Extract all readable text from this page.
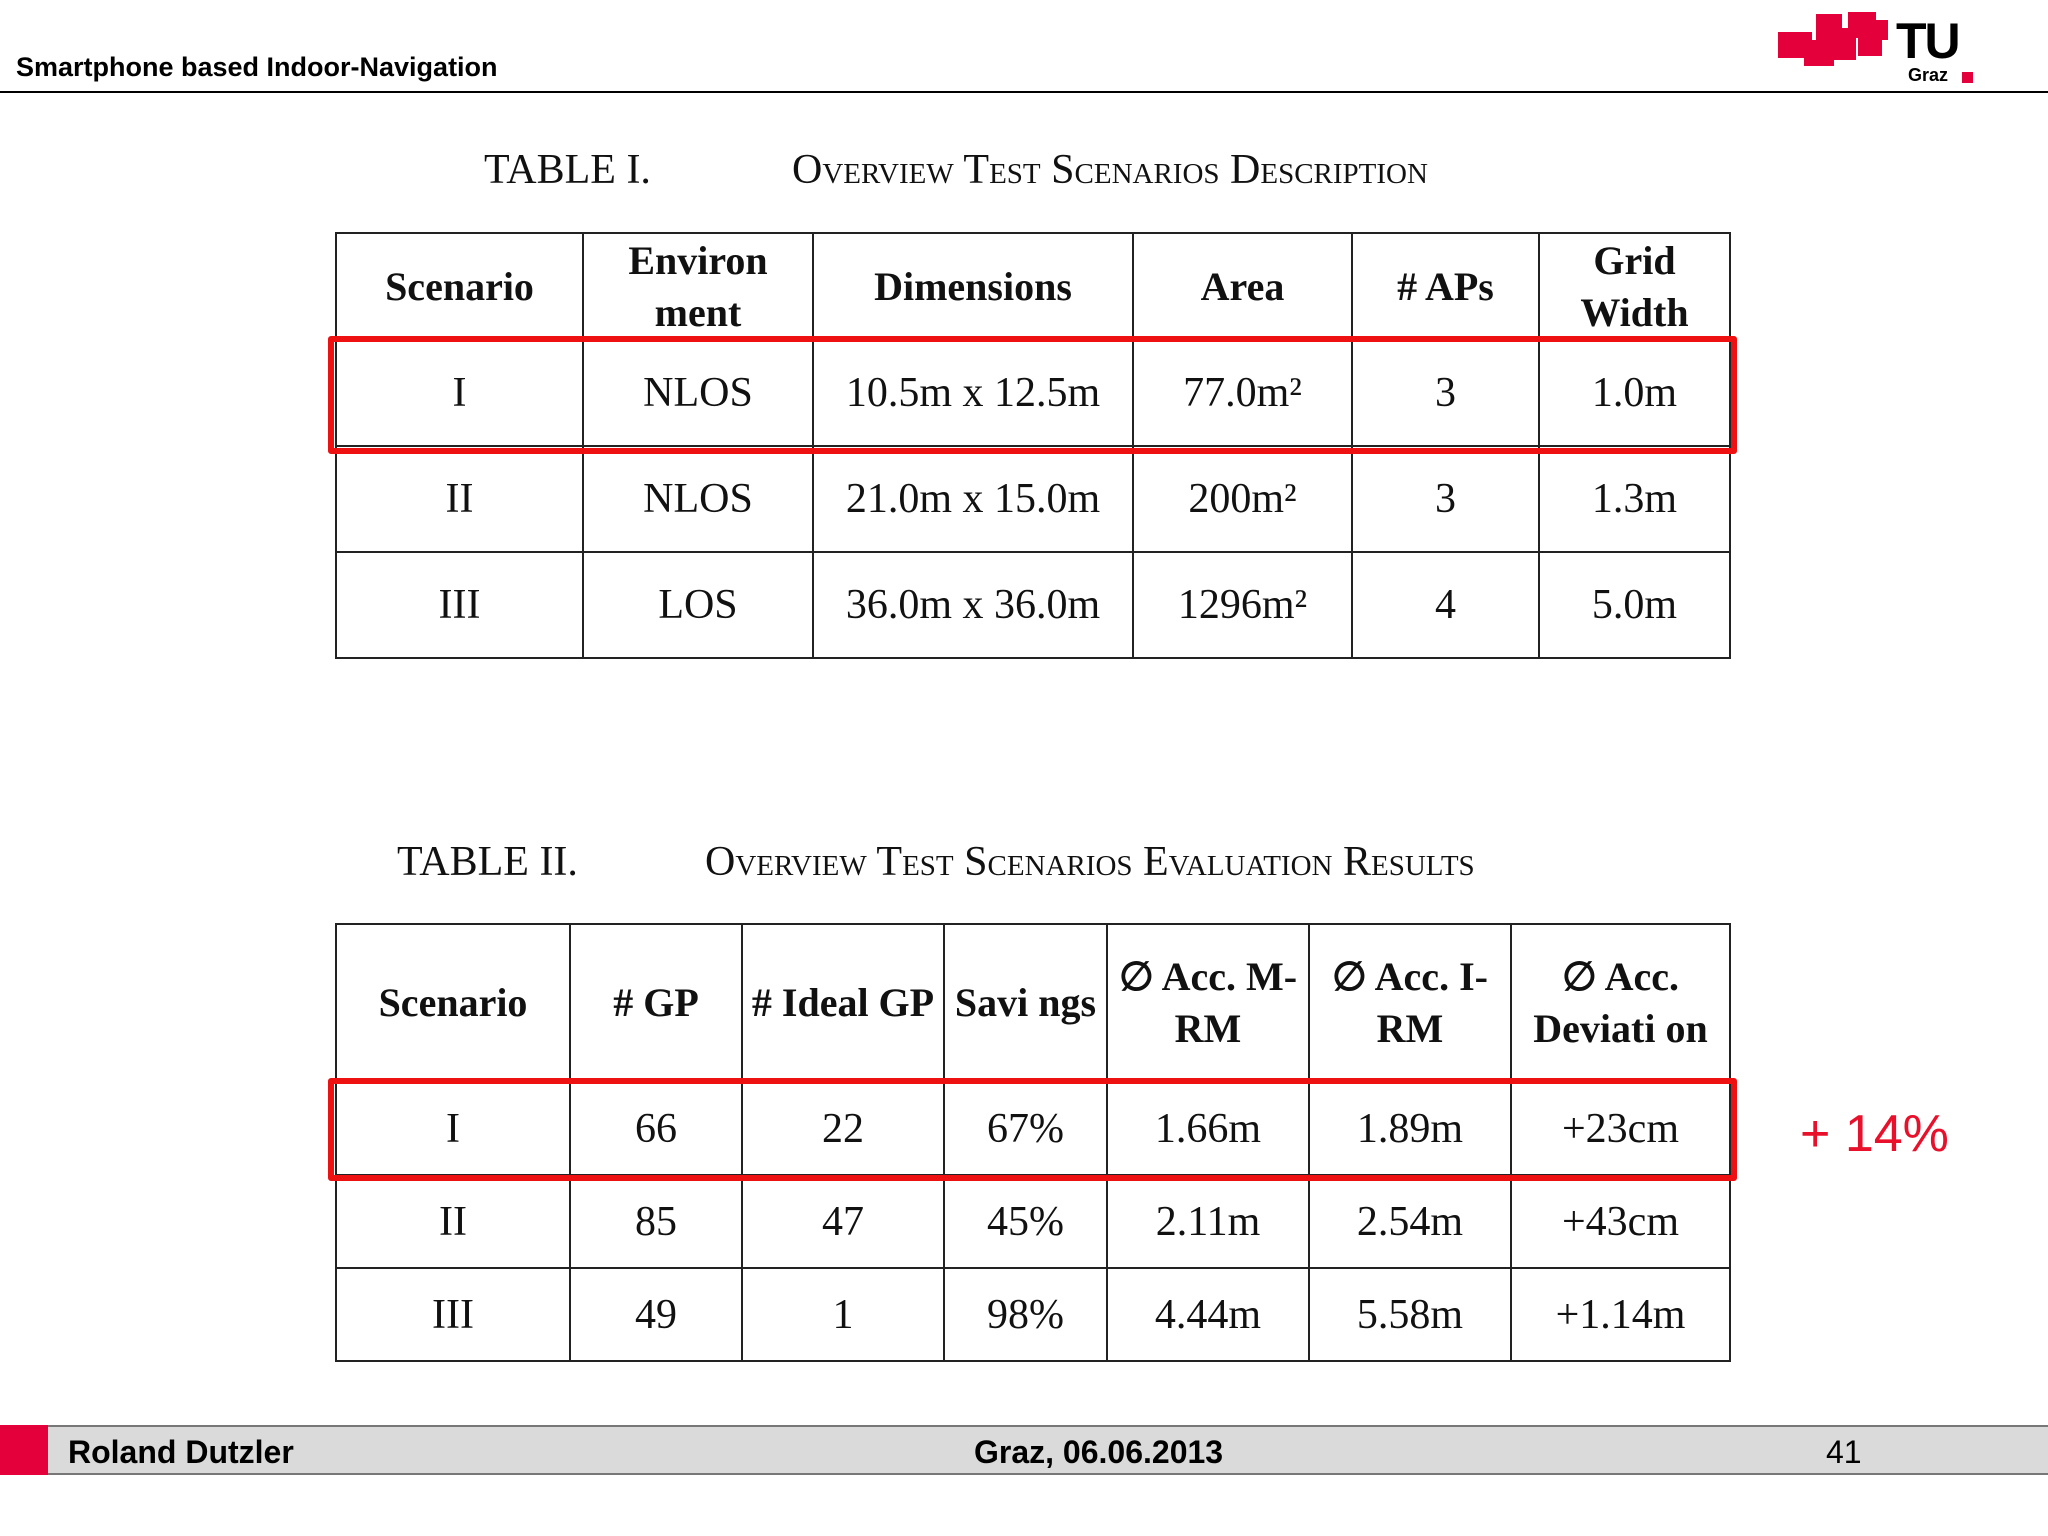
Smartphone based Indoor-Navigation	TU
Graz
TABLE I.	Overview Test Scenarios Description
Scenario	Environ ment	Dimensions	Area	# APs	Grid Width
I	NLOS	10.5m x 12.5m	77.0m²	3	1.0m
II	NLOS	21.0m x 15.0m	200m²	3	1.3m
III	LOS	36.0m x 36.0m	1296m²	4	5.0m
TABLE II.	Overview Test Scenarios Evaluation Results
Scenario	# GP	# Ideal GP	Savi ngs	∅ Acc. M-RM	∅ Acc. I- RM	∅ Acc. Deviati on
I	66	22	67%	1.66m	1.89m	+23cm
II	85	47	45%	2.11m	2.54m	+43cm
III	49	1	98%	4.44m	5.58m	+1.14m
+ 14%
Roland Dutzler	Graz, 06.06.2013	41
